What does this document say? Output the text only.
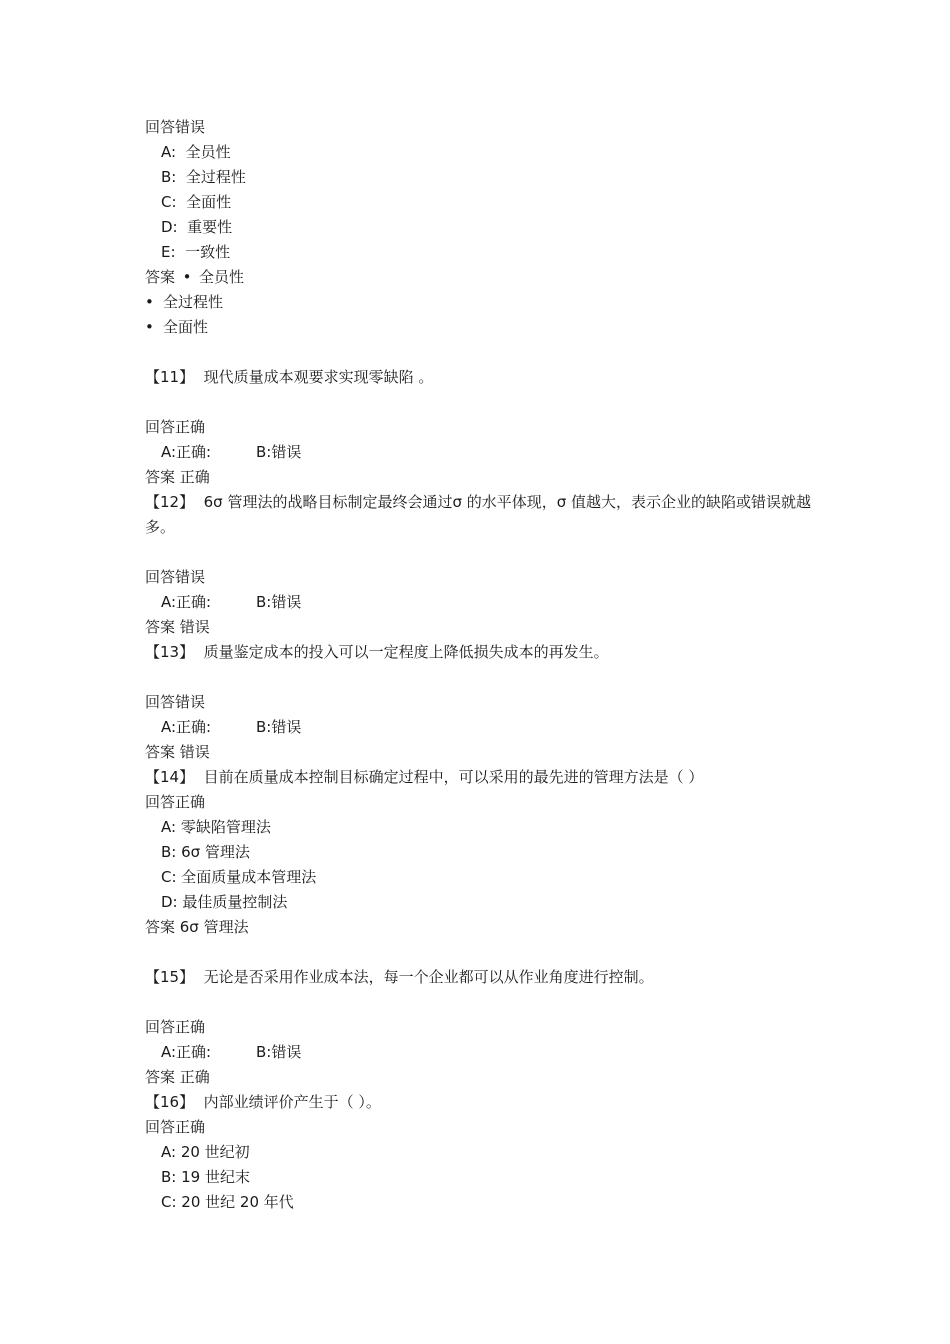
回答错误
A: 全员性
B: 全过程性
C: 全面性
D: 重要性
E: 一致性
答案 • 全员性
• 全过程性
• 全面性
【11】 现代质量成本观要求实现零缺陷 。
回答正确
A:正确:	B:错误
答案 正确
【12】 6σ 管理法的战略目标制定最终会通过σ 的水平体现，σ 值越大，表示企业的缺陷或错误就越多。
回答错误
A:正确:	B:错误
答案 错误
【13】 质量鉴定成本的投入可以一定程度上降低损失成本的再发生。
回答错误
A:正确:	B:错误
答案 错误
【14】 目前在质量成本控制目标确定过程中，可以采用的最先进的管理方法是（ ）
回答正确
A: 零缺陷管理法
B: 6σ 管理法
C: 全面质量成本管理法
D: 最佳质量控制法
答案 6σ 管理法
【15】 无论是否采用作业成本法，每一个企业都可以从作业角度进行控制。
回答正确
A:正确:	B:错误
答案 正确
【16】 内部业绩评价产生于（ ）。
回答正确
A: 20 世纪初
B: 19 世纪末
C: 20 世纪 20 年代
